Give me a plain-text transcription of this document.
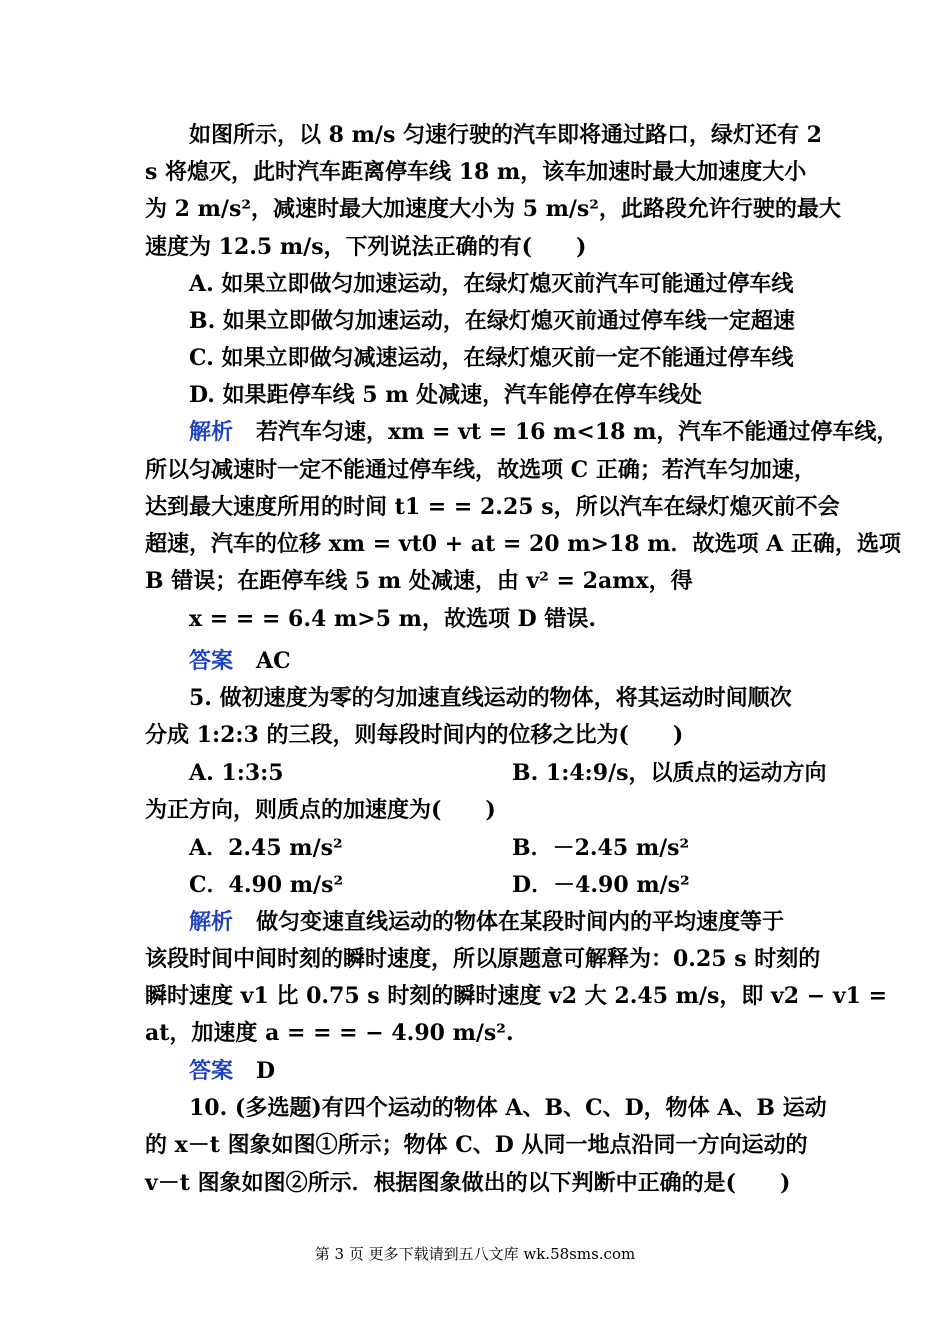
如图所示，以 8 m/s 匀速行驶的汽车即将通过路口，绿灯还有 2
s 将熄灭，此时汽车距离停车线 18 m，该车加速时最大加速度大小
为 2 m/s²，减速时最大加速度大小为 5 m/s²，此路段允许行驶的最大
速度为 12.5 m/s，下列说法正确的有(　　)
A. 如果立即做匀加速运动，在绿灯熄灭前汽车可能通过停车线
B. 如果立即做匀加速运动，在绿灯熄灭前通过停车线一定超速
C. 如果立即做匀减速运动，在绿灯熄灭前一定不能通过停车线
D. 如果距停车线 5 m 处减速，汽车能停在停车线处
解析 若汽车匀速，xm = vt = 16 m<18 m，汽车不能通过停车线，
所以匀减速时一定不能通过停车线，故选项 C 正确；若汽车匀加速，
达到最大速度所用的时间 t1 = = 2.25 s，所以汽车在绿灯熄灭前不会
超速，汽车的位移 xm = vt0 + at = 20 m>18 m．故选项 A 正确，选项
B 错误；在距停车线 5 m 处减速，由 v² = 2amx，得
x = = = 6.4 m>5 m，故选项 D 错误.
答案 AC
5. 做初速度为零的匀加速直线运动的物体，将其运动时间顺次
分成 1:2:3 的三段，则每段时间内的位移之比为(　　)
A. 1:3:5	B. 1:4:9/s，以质点的运动方向
为正方向，则质点的加速度为(　　)
A．2.45 m/s²	B．－2.45 m/s²
C．4.90 m/s²	D．－4.90 m/s²
解析 做匀变速直线运动的物体在某段时间内的平均速度等于
该段时间中间时刻的瞬时速度，所以原题意可解释为：0.25 s 时刻的
瞬时速度 v1 比 0.75 s 时刻的瞬时速度 v2 大 2.45 m/s，即 v2 − v1 =
at，加速度 a = = = − 4.90 m/s².
答案 D
10. (多选题)有四个运动的物体 A、B、C、D，物体 A、B 运动
的 x－t 图象如图①所示；物体 C、D 从同一地点沿同一方向运动的
v－t 图象如图②所示．根据图象做出的以下判断中正确的是(　　)
第 3 页 更多下载请到五八文库 wk.58sms.com
